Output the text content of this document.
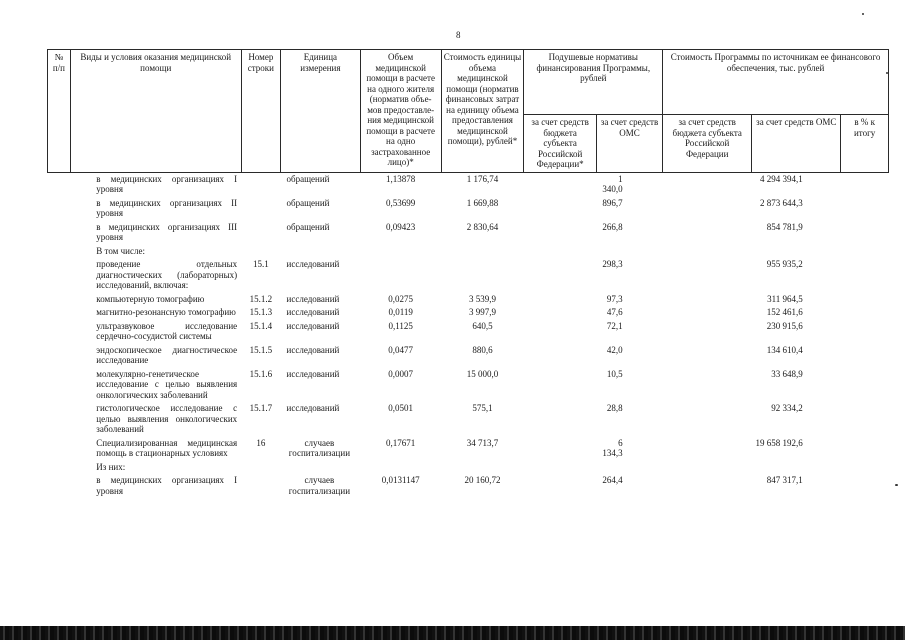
8
№ п/п	Виды и условия оказания медицинской помощи	Номер строки	Единица измерения	Объем медицинской помощи в расчете на одного жителя (норматив объе-мов предоставле-ния медицинской помощи в расчете на одно застрахованное лицо)*	Стоимость единицы объема медицинской помощи (норматив финансовых затрат на единицу объема предоставления медицинской помощи), рублей*	Подушевые нормативы финансирования Программы, рублей		Стоимость Программы по источникам ее финансового обеспечения, тыс. рублей		
						за счет средств бюджета субъекта Российской Федерации*	за счет средств ОМС	за счет средств бюджета субъекта Российской Федерации	за счет средств ОМС	в % к итогу
	в медицинских организациях I уровня		обращений	1,13878	1 176,74		1 340,0		4 294 394,1	
	в медицинских организациях II уровня		обращений	0,53699	1 669,88		896,7		2 873 644,3	
	в медицинских организациях III уровня		обращений	0,09423	2 830,64		266,8		854 781,9	
	В том числе:									
	проведение отдельных диагностических (лабораторных) исследований, включая:	15.1	исследований				298,3		955 935,2	
	компьютерную томографию	15.1.2	исследований	0,0275	3 539,9		97,3		311 964,5	
	магнитно-резонансную томографию	15.1.3	исследований	0,0119	3 997,9		47,6		152 461,6	
	ультразвуковое исследование сердечно-сосудистой системы	15.1.4	исследований	0,1125	640,5		72,1		230 915,6	
	эндоскопическое диагностическое исследование	15.1.5	исследований	0,0477	880,6		42,0		134 610,4	
	молекулярно-генетическое исследование с целью выявления онкологических заболеваний	15.1.6	исследований	0,0007	15 000,0		10,5		33 648,9	
	гистологическое исследование с целью выявления онкологических заболеваний	15.1.7	исследований	0,0501	575,1		28,8		92 334,2	
	Специализированная медицинская помощь в стационарных условиях	16	случаев госпитализации	0,17671	34 713,7		6 134,3		19 658 192,6	
	Из них:									
	в медицинских организациях I уровня		случаев госпитализации	0,0131147	20 160,72		264,4		847 317,1	
